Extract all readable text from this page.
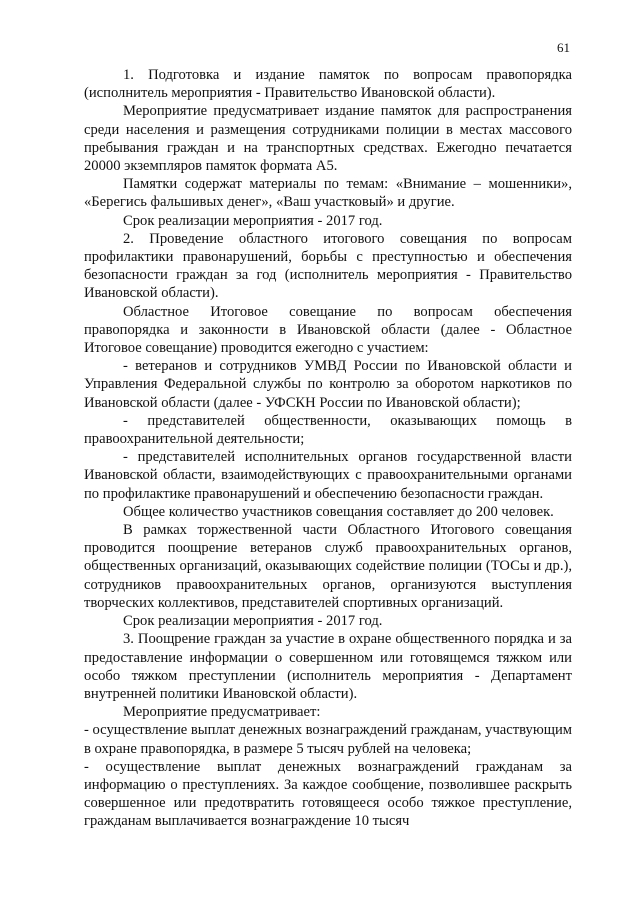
61

1. Подготовка и издание памяток по вопросам правопорядка (исполнитель мероприятия - Правительство Ивановской области).

Мероприятие предусматривает издание памяток для распространения среди населения и размещения сотрудниками полиции в местах массового пребывания граждан и на транспортных средствах. Ежегодно печатается 20000 экземпляров памяток формата А5.

Памятки содержат материалы по темам: «Внимание – мошенники», «Берегись фальшивых денег», «Ваш участковый» и другие.

Срок реализации мероприятия - 2017 год.

2. Проведение областного итогового совещания по вопросам профилактики правонарушений, борьбы с преступностью и обеспечения безопасности граждан за год (исполнитель мероприятия - Правительство Ивановской области).

Областное Итоговое совещание по вопросам обеспечения правопорядка и законности в Ивановской области (далее - Областное Итоговое совещание) проводится ежегодно с участием:

- ветеранов и сотрудников УМВД России по Ивановской области и Управления Федеральной службы по контролю за оборотом наркотиков по Ивановской области (далее - УФСКН России по Ивановской области);

- представителей общественности, оказывающих помощь в правоохранительной деятельности;

- представителей исполнительных органов государственной власти Ивановской области, взаимодействующих с правоохранительными органами по профилактике правонарушений и обеспечению безопасности граждан.

Общее количество участников совещания составляет до 200 человек.

В рамках торжественной части Областного Итогового совещания проводится поощрение ветеранов служб правоохранительных органов, общественных организаций, оказывающих содействие полиции (ТОСы и др.), сотрудников правоохранительных органов, организуются выступления творческих коллективов, представителей спортивных организаций.

Срок реализации мероприятия - 2017 год.

3. Поощрение граждан за участие в охране общественного порядка и за предоставление информации о совершенном или готовящемся тяжком или особо тяжком преступлении (исполнитель мероприятия - Департамент внутренней политики Ивановской области).

Мероприятие предусматривает:

- осуществление выплат денежных вознаграждений гражданам, участвующим в охране правопорядка, в размере 5 тысяч рублей на человека;

- осуществление выплат денежных вознаграждений гражданам за информацию о преступлениях. За каждое сообщение, позволившее раскрыть совершенное или предотвратить готовящееся особо тяжкое преступление, гражданам выплачивается вознаграждение 10 тысяч
